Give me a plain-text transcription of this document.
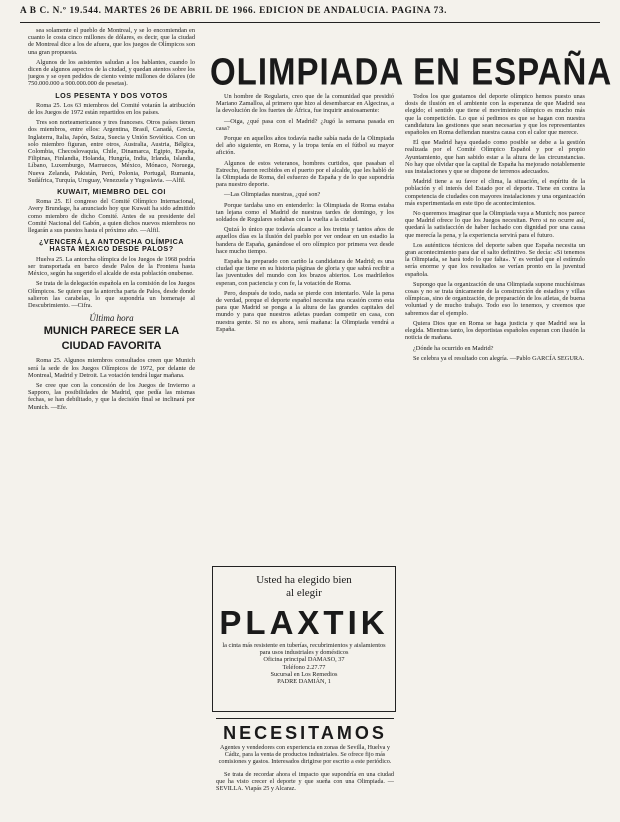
A B C. N.º 19.544. MARTES 26 DE ABRIL DE 1966. EDICION DE ANDALUCIA. PAGINA 73.

sea solamente el pueblo de Montreal, y se lo encomiendan en cuanto le costa cinco millones de dólares, es decir, que la ciudad de Montreal dice a los de afuera, que los juegos de Olímpicos son una gran propuesta.

Algunos de los asistentes saludan a los hablantes, cuando lo dicen de algunos aspectos de la ciudad, y quedan atentos sobre los juegos y se oyen pedidos de ciento veinte millones de dólares (de 750.000.000 a 900.000.000 de pesetas).

LOS PESENTA Y DOS VOTOS

Roma 25. Los 63 miembros del Comité votarán la atribución de los Juegos de 1972 están repartidos en los países.

Tres son norteamericanos y tres franceses. Otros países tienen dos miembros, entre ellos: Argentina, Brasil, Canadá, Grecia, Inglaterra, Italia, Japón, Suiza, Suecia y Unión Soviética. Con un solo miembro figuran, entre otros, Australia, Austria, Bélgica, Colombia, Checoslovaquia, Chile, Dinamarca, Egipto, España, Filipinas, Finlandia, Holanda, Hungría, India, Irlanda, Islandia, Líbano, Luxemburgo, Marruecos, México, Mónaco, Noruega, Nueva Zelanda, Pakistán, Perú, Polonia, Portugal, Rumania, Sudáfrica, Turquía, Uruguay, Venezuela y Yugoslavia. —Alfil.

KUWAIT, MIEMBRO DEL COI

Roma 25. El congreso del Comité Olímpico Internacional, Avery Brundage, ha anunciado hoy que Kuwait ha sido admitido como miembro de dicho Comité. Antes de su presidente del Comité Nacional del Gabón, a quien dichos nuevos miembros no llegarán a sus puestos hasta el próximo año. —Alfil.

¿VENCERÁ LA ANTORCHA OLÍMPICA HASTA MÉXICO DESDE PALOS?

Huelva 25. La antorcha olímpica de los Juegos de 1968 podría ser transportada en barco desde Palos de la Frontera hasta México, según ha sugerido el alcalde de esta población onubense.

Se trata de la delegación española en la comisión de los Juegos Olímpicos. Se quiere que la antorcha parta de Palos, desde donde salieron las carabelas, lo que supondría un homenaje al Descubrimiento. —Cifra.

Última hora
MUNICH PARECE SER LA CIUDAD FAVORITA

Roma 25. Algunos miembros consultados creen que Munich será la sede de los Juegos Olímpicos de 1972, por delante de Montreal, Madrid y Detroit. La votación tendrá lugar mañana.

Se cree que con la concesión de los Juegos de Invierno a Sapporo, las posibilidades de Madrid, que pedía las mismas fechas, se han debilitado, y que la decisión final se inclinará por Munich. —Efe.

OLIMPIADA EN ESPAÑA

Un hombre de Regularis, creo que de la comunidad que presidió Mariano Zamalloa, al primero que hizo al desembarcar en Algeciras, a la devolución de los fuertes de África, fue inquirir ansiosamente:

—Oiga, ¿qué pasa con el Madrid? ¿Jugó la semana pasada en casa?

Porque en aquellos años todavía nadie sabía nada de la Olimpiada del año siguiente, en Roma, y la tropa tenía en el fútbol su mayor afición.

Algunos de estos veteranos, hombres curtidos, que pasaban el Estrecho, fueron recibidos en el puerto por el alcalde, que les habló de la Olimpiada de Roma, del esfuerzo de España y de lo que supondría para nuestro deporte.

—Las Olimpiadas nuestras, ¿qué son?

Porque tardaba uno en entenderlo: la Olimpiada de Roma estaba tan lejana como el Madrid de nuestras tardes de domingo, y los soldados de Regulares soñaban con la vuelta a la ciudad.

Quizá lo único que todavía alcance a los treinta y tantos años de aquellos días es la ilusión del pueblo por ver ondear en un estadio la bandera de España, ganándose el oro olímpico por primera vez desde hace mucho tiempo.

España ha preparado con cariño la candidatura de Madrid; es una ciudad que tiene en su historia páginas de gloria y que sabrá recibir a las juventudes del mundo con los brazos abiertos. Los madrileños esperan, con paciencia y con fe, la votación de Roma.

Pero, después de todo, nada se pierde con intentarlo. Vale la pena de verdad, porque el deporte español necesita una ocasión como esta para que Madrid se ponga a la altura de las grandes capitales del mundo y para que nuestros atletas puedan competir en casa, con nuestra gente. Si no es ahora, será mañana: la Olimpiada vendrá a España.

Usted ha elegido bien
al elegir
PLAXTIK
la cinta más resistente en tuberías, recubrimientos y aislamientos para usos industriales y domésticos
Oficina principal DAMASO, 37
Teléfono 2.27.77
Sucursal en Los Remedios
PADRE DAMIÁN, 1
NECESITAMOS
Agentes y vendedores con experiencia en zonas de Sevilla, Huelva y Cádiz, para la venta de productos industriales. Se ofrece fijo más comisiones y gastos. Interesados dirigirse por escrito a este periódico.

Se trata de recordar ahora el impacto que supondría en una ciudad que ha visto crecer el deporte y que sueña con una Olimpiada. —SEVILLA. Viapás 25 y Alcaraz.

Todos los que gustamos del deporte olímpico hemos puesto unas dosis de ilusión en el ambiente con la esperanza de que Madrid sea elegido; el sentido que tiene el movimiento olímpico es mucho más que la competición. Lo que sí pedimos es que se hagan con nuestra candidatura las gestiones que sean necesarias y que los representantes españoles en Roma defiendan nuestra causa con el calor que merece.

El que Madrid haya quedado como posible se debe a la gestión realizada por el Comité Olímpico Español y por el propio Ayuntamiento, que han sabido estar a la altura de las circunstancias. No hay que olvidar que la capital de España ha mejorado notablemente sus instalaciones y que se dispone de terrenos adecuados.

Madrid tiene a su favor el clima, la situación, el espíritu de la población y el interés del Estado por el deporte. Tiene en contra la competencia de ciudades con mayores instalaciones y una organización más experimentada en este tipo de acontecimientos.

No queremos imaginar que la Olimpiada vaya a Munich; nos parece que Madrid ofrece lo que los Juegos necesitan. Pero si no ocurre así, quedará la satisfacción de haber luchado con dignidad por una causa que merecía la pena, y la experiencia servirá para el futuro.

Los auténticos técnicos del deporte saben que España necesita un gran acontecimiento para dar el salto definitivo. Se decía: «Si tenemos la Olimpiada, se hará todo lo que falta». Y es verdad que el estímulo sería enorme y que los resultados se verían pronto en la juventud española.

Supongo que la organización de una Olimpiada supone muchísimas cosas y no se trata únicamente de la construcción de estadios y villas olímpicas, sino de organización, de preparación de los atletas, de buena voluntad y de mucho trabajo. Todo eso lo tenemos, y creemos que sabremos dar el ejemplo.

Quiera Dios que en Roma se haga justicia y que Madrid sea la elegida. Mientras tanto, los deportistas españoles esperan con ilusión la noticia de mañana.

¿Dónde ha ocurrido en Madrid?

Se celebra ya el resultado con alegría. —Pablo GARCÍA SEGURA.
